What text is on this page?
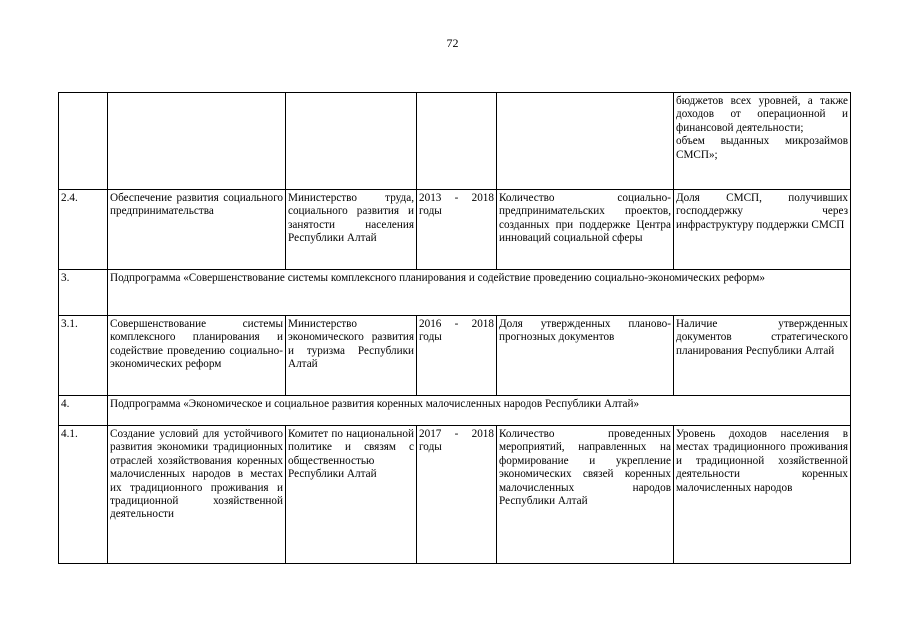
72
					бюджетов всех уровней, а также доходов от операционной и финансовой деятельности;
объем выданных микрозаймов СМСП»;
2.4.	Обеспечение развития социального предпринимательства	Министерство труда, социального развития и занятости населения Республики Алтай	2013 - 2018 годы	Количество социально-предпринимательских проектов, созданных при поддержке Центра инноваций социальной сферы	Доля СМСП, получивших господдержку через инфраструктуру поддержки СМСП
3.	Подпрограмма «Совершенствование системы комплексного планирования и содействие проведению социально-экономических реформ»				
3.1.	Совершенствование системы комплексного планирования и содействие проведению социально-экономических реформ	Министерство экономического развития и туризма Республики Алтай	2016 - 2018 годы	Доля утвержденных планово-прогнозных документов	Наличие утвержденных документов стратегического планирования Республики Алтай
4.	Подпрограмма «Экономическое и социальное развития коренных малочисленных народов Республики Алтай»				
4.1.	Создание условий для устойчивого развития экономики традиционных отраслей хозяйствования коренных малочисленных народов в местах их традиционного проживания и традиционной хозяйственной деятельности	Комитет по национальной политике и связям с общественностью Республики Алтай	2017 - 2018 годы	Количество проведенных мероприятий, направленных на формирование и укрепление экономических связей коренных малочисленных народов Республики Алтай	Уровень доходов населения в местах традиционного проживания и традиционной хозяйственной деятельности коренных малочисленных народов
